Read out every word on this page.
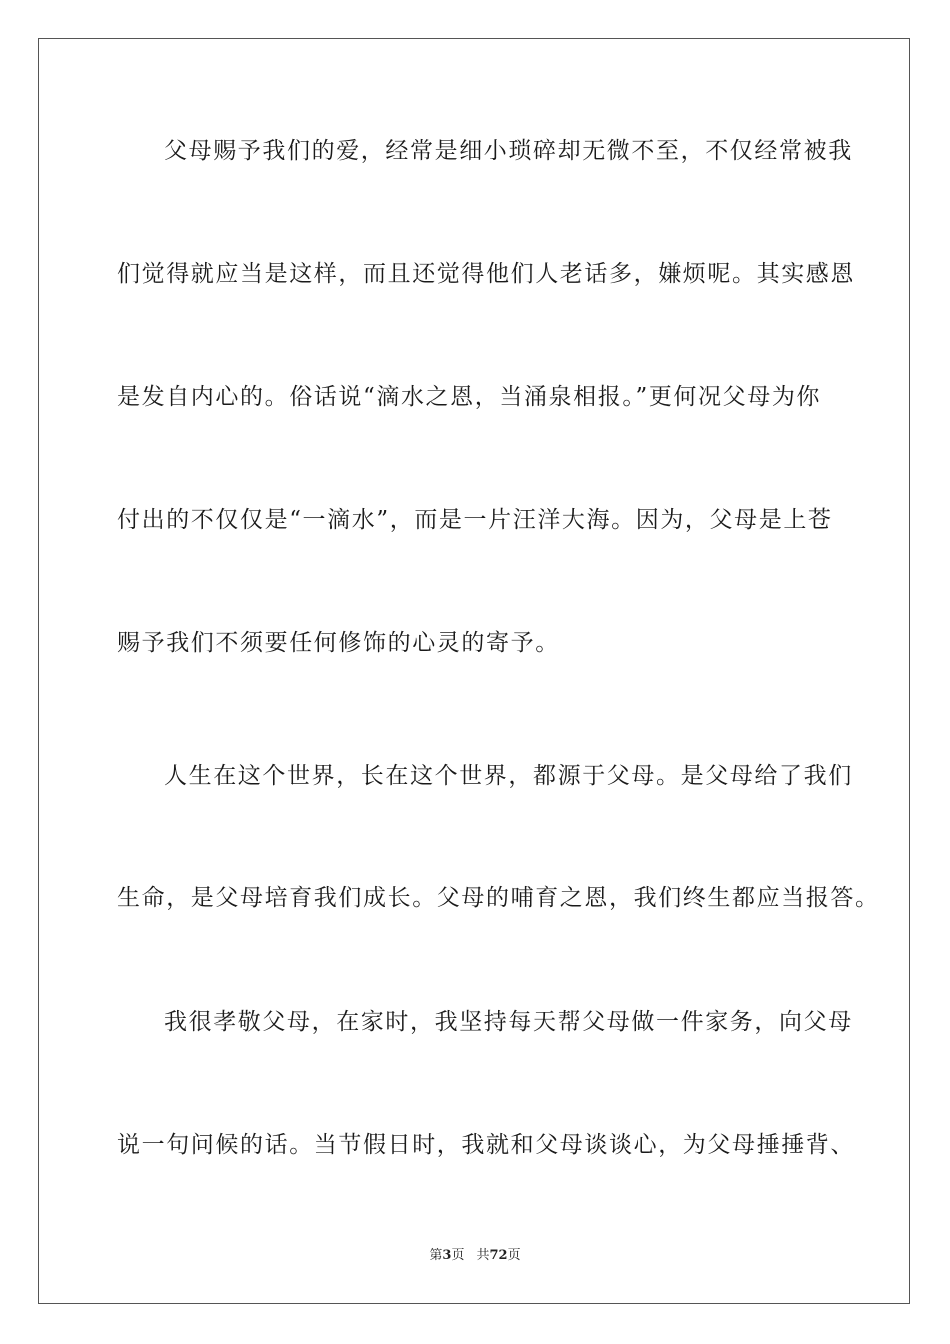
父母赐予我们的爱，经常是细小琐碎却无微不至，不仅经常被我
们觉得就应当是这样，而且还觉得他们人老话多，嫌烦呢。其实感恩
是发自内心的。俗话说“滴水之恩，当涌泉相报。”更何况父母为你
付出的不仅仅是“一滴水”，而是一片汪洋大海。因为，父母是上苍
赐予我们不须要任何修饰的心灵的寄予。
人生在这个世界，长在这个世界，都源于父母。是父母给了我们
生命，是父母培育我们成长。父母的哺育之恩，我们终生都应当报答。
我很孝敬父母，在家时，我坚持每天帮父母做一件家务，向父母
说一句问候的话。当节假日时，我就和父母谈谈心，为父母捶捶背、
第3页 共72页
